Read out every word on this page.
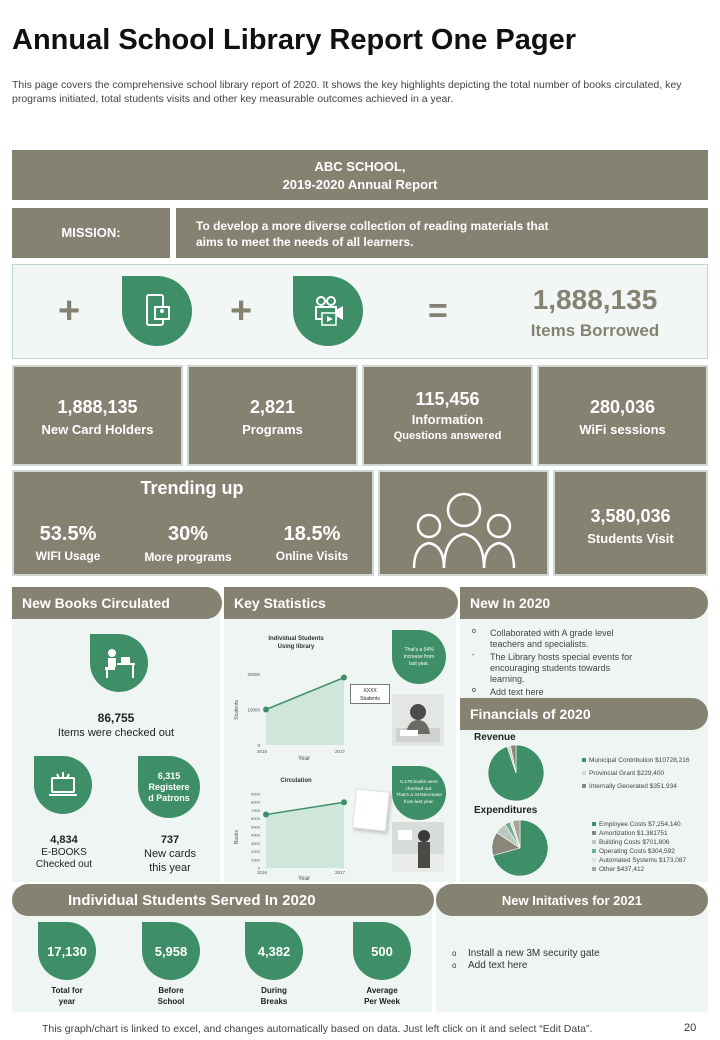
Annual School Library Report One Pager
This page covers the comprehensive school library report of 2020. It shows the key highlights depicting the total number of books circulated, key programs initiated, total students visits and other key measurable outcomes achieved in a year.
ABC SCHOOL,
2019-2020 Annual Report
MISSION:	To develop a more diverse collection of reading materials that
aims to meet the needs of all learners.
+	+	=	1,888,135
Items Borrowed
1,888,135
New Card Holders
2,821
Programs
115,456
Information
Questions answered
280,036
WiFi sessions
Trending up
53.5%
WIFI Usage
30%
More programs
18.5%
Online Visits
3,580,036
Students Visit
New Books Circulated
86,755
Items were checked out
6,315
Registere
d Patrons
4,834
E-BOOKS
Checked out
737
New cards
this year
Key Statistics
Individual Students
Using library
0
10000
20000
2016	2017
Year
Students
That's a 54%
increase from
last year.
XXXX
Students
Circulation
0
1000
2000
3000
4000
5000
6000
7000
8000
9000
2016	2017
Year
Books
6,178 books were
checked out.
That's a 31%increase
from last year.
New In 2020
o	Collaborated with A grade level
teachers and specialists.
-	The Library hosts special events for
encouraging students towards
learning.
o	Add text here
Financials of 2020
Revenue
Municipal Contribution $10728,216
Provincial Grant $229,400
Internally Generated $351,934
Expenditures
Employee Costs $7,254,140
Amortization $1,381751
Building Costs $701,806
Operating Costs $304,592
Automated Systems $173,087
Other $437,412
Individual Students Served In 2020
17,130	5,958	4,382	500
Total for
year
Before
School
During
Breaks
Average
Per Week
New Initatives for 2021
o	Install a new 3M security gate
o	Add text here
This graph/chart is linked to excel, and changes automatically based on data. Just left click on it and select “Edit Data”.	20
